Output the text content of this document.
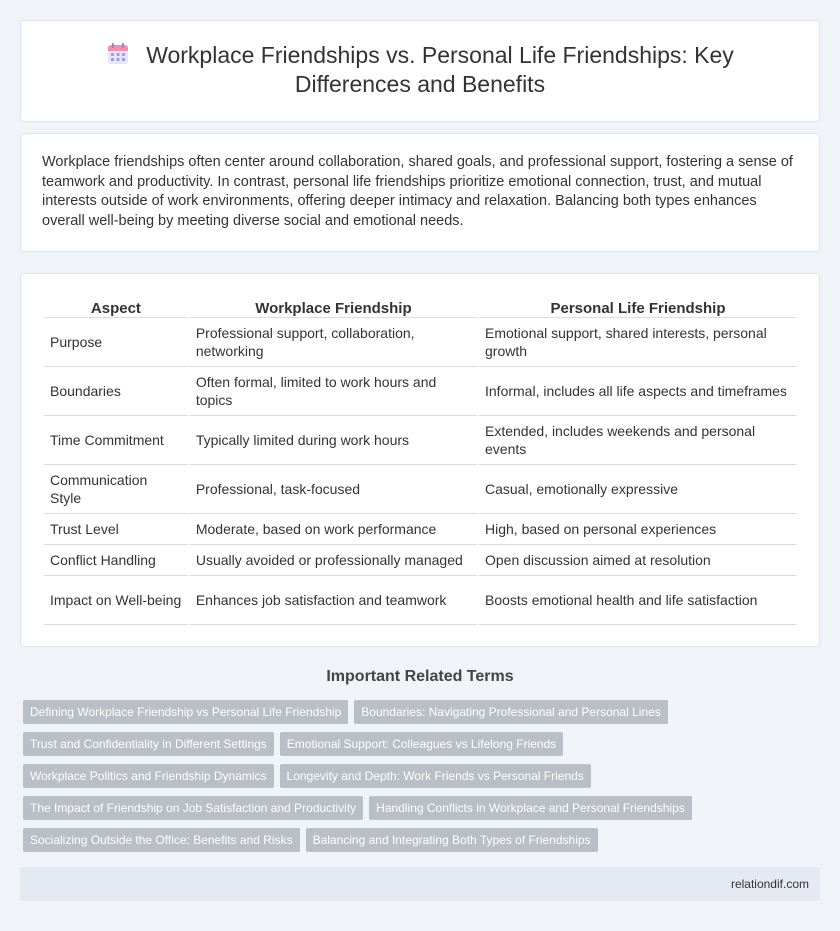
Workplace Friendships vs. Personal Life Friendships: Key Differences and Benefits

Workplace friendships often center around collaboration, shared goals, and professional support, fostering a sense of teamwork and productivity. In contrast, personal life friendships prioritize emotional connection, trust, and mutual interests outside of work environments, offering deeper intimacy and relaxation. Balancing both types enhances overall well-being by meeting diverse social and emotional needs.

Aspect	Workplace Friendship	Personal Life Friendship
Purpose	Professional support, collaboration, networking	Emotional support, shared interests, personal growth
Boundaries	Often formal, limited to work hours and topics	Informal, includes all life aspects and timeframes
Time Commitment	Typically limited during work hours	Extended, includes weekends and personal events
Communication Style	Professional, task-focused	Casual, emotionally expressive
Trust Level	Moderate, based on work performance	High, based on personal experiences
Conflict Handling	Usually avoided or professionally managed	Open discussion aimed at resolution
Impact on Well-being	Enhances job satisfaction and teamwork	Boosts emotional health and life satisfaction
Important Related Terms
Defining Workplace Friendship vs Personal Life Friendship Boundaries: Navigating Professional and Personal Lines
Trust and Confidentiality in Different Settings Emotional Support: Colleagues vs Lifelong Friends
Workplace Politics and Friendship Dynamics Longevity and Depth: Work Friends vs Personal Friends
The Impact of Friendship on Job Satisfaction and Productivity Handling Conflicts in Workplace and Personal Friendships
Socializing Outside the Office: Benefits and Risks Balancing and Integrating Both Types of Friendships
relationdif.com
